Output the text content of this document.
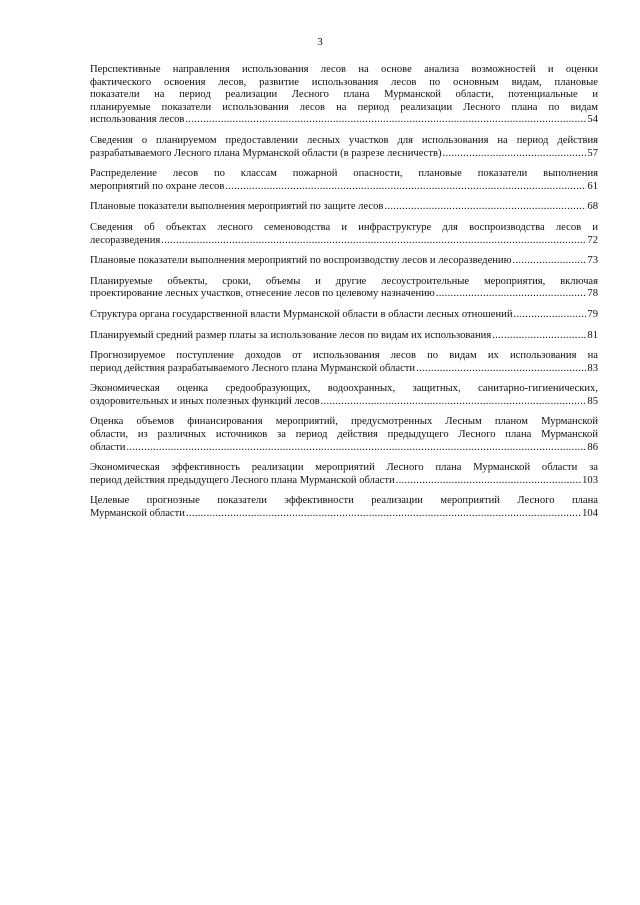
3
Перспективные направления использования лесов на основе анализа возможностей и оценки
фактического освоения лесов, развитие использования лесов по основным видам, плановые
показатели на период реализации Лесного плана Мурманской области, потенциальные и
планируемые показатели использования лесов на период реализации Лесного плана по видам
использования лесов .....	54
Сведения о планируемом предоставлении лесных участков для использования на период действия
разрабатываемого Лесного плана Мурманской области (в разрезе лесничеств) .....	57
Распределение лесов по классам пожарной опасности, плановые показатели выполнения
мероприятий по охране лесов .....	61
Плановые показатели выполнения мероприятий по защите лесов .....	68
Сведения об объектах лесного семеноводства и инфраструктуре для воспроизводства лесов и
лесоразведения .....	72
Плановые показатели выполнения мероприятий по воспроизводству лесов и лесоразведению .....	73
Планируемые объекты, сроки, объемы и другие лесоустроительные мероприятия, включая
проектирование лесных участков, отнесение лесов по целевому назначению .....	78
Структура органа государственной власти Мурманской области в области лесных отношений .....	79
Планируемый средний размер платы за использование лесов по видам их использования .....	81
Прогнозируемое поступление доходов от использования лесов по видам их использования на
период действия разрабатываемого Лесного плана Мурманской области .....	83
Экономическая оценка средообразующих, водоохранных, защитных, санитарно-гигиенических,
оздоровительных и иных полезных функций лесов .....	85
Оценка объемов финансирования мероприятий, предусмотренных Лесным планом Мурманской
области, из различных источников за период действия предыдущего Лесного плана Мурманской
области .....	86
Экономическая эффективность реализации мероприятий Лесного плана Мурманской области за
период действия предыдущего Лесного плана Мурманской области .....	103
Целевые прогнозные показатели эффективности реализации мероприятий Лесного плана
Мурманской области .....	104
